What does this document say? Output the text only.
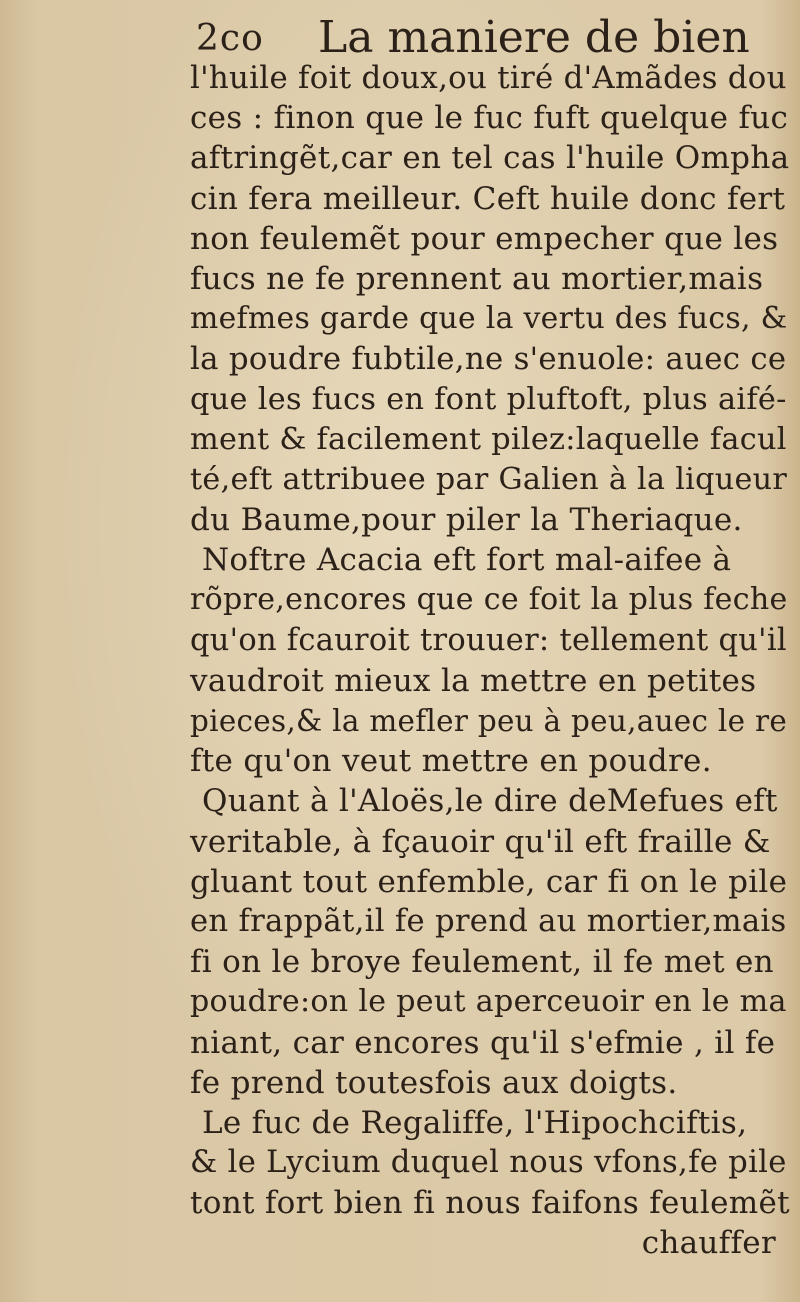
2co La maniere de bien
l'huile foit doux,ou tiré d'Amãdes dou
ces : finon que le fuc fuft quelque fuc
aftringẽt,car en tel cas l'huile Ompha
cin fera meilleur. Ceft huile donc fert
non feulemẽt pour empecher que les
fucs ne fe prennent au mortier,mais
mefmes garde que la vertu des fucs, &
la poudre fubtile,ne s'enuole: auec ce
que les fucs en font pluftoft, plus aifé-
ment & facilement pilez:laquelle facul
té,eft attribuee par Galien à la liqueur
du Baume,pour piler la Theriaque.
Noftre Acacia eft fort mal-aifee à
rõpre,encores que ce foit la plus feche
qu'on fcauroit trouuer: tellement qu'il
vaudroit mieux la mettre en petites
pieces,& la mefler peu à peu,auec le re
fte qu'on veut mettre en poudre.
Quant à l'Aloës,le dire deMefues eft
veritable, à fçauoir qu'il eft fraille &
gluant tout enfemble, car fi on le pile
en frappãt,il fe prend au mortier,mais
fi on le broye feulement, il fe met en
poudre:on le peut aperceuoir en le ma
niant, car encores qu'il s'efmie , il fe
fe prend toutesfois aux doigts.
Le fuc de Regaliffe, l'Hipochciftis,
& le Lycium duquel nous vfons,fe pile
tont fort bien fi nous faifons feulemẽt
chauffer
